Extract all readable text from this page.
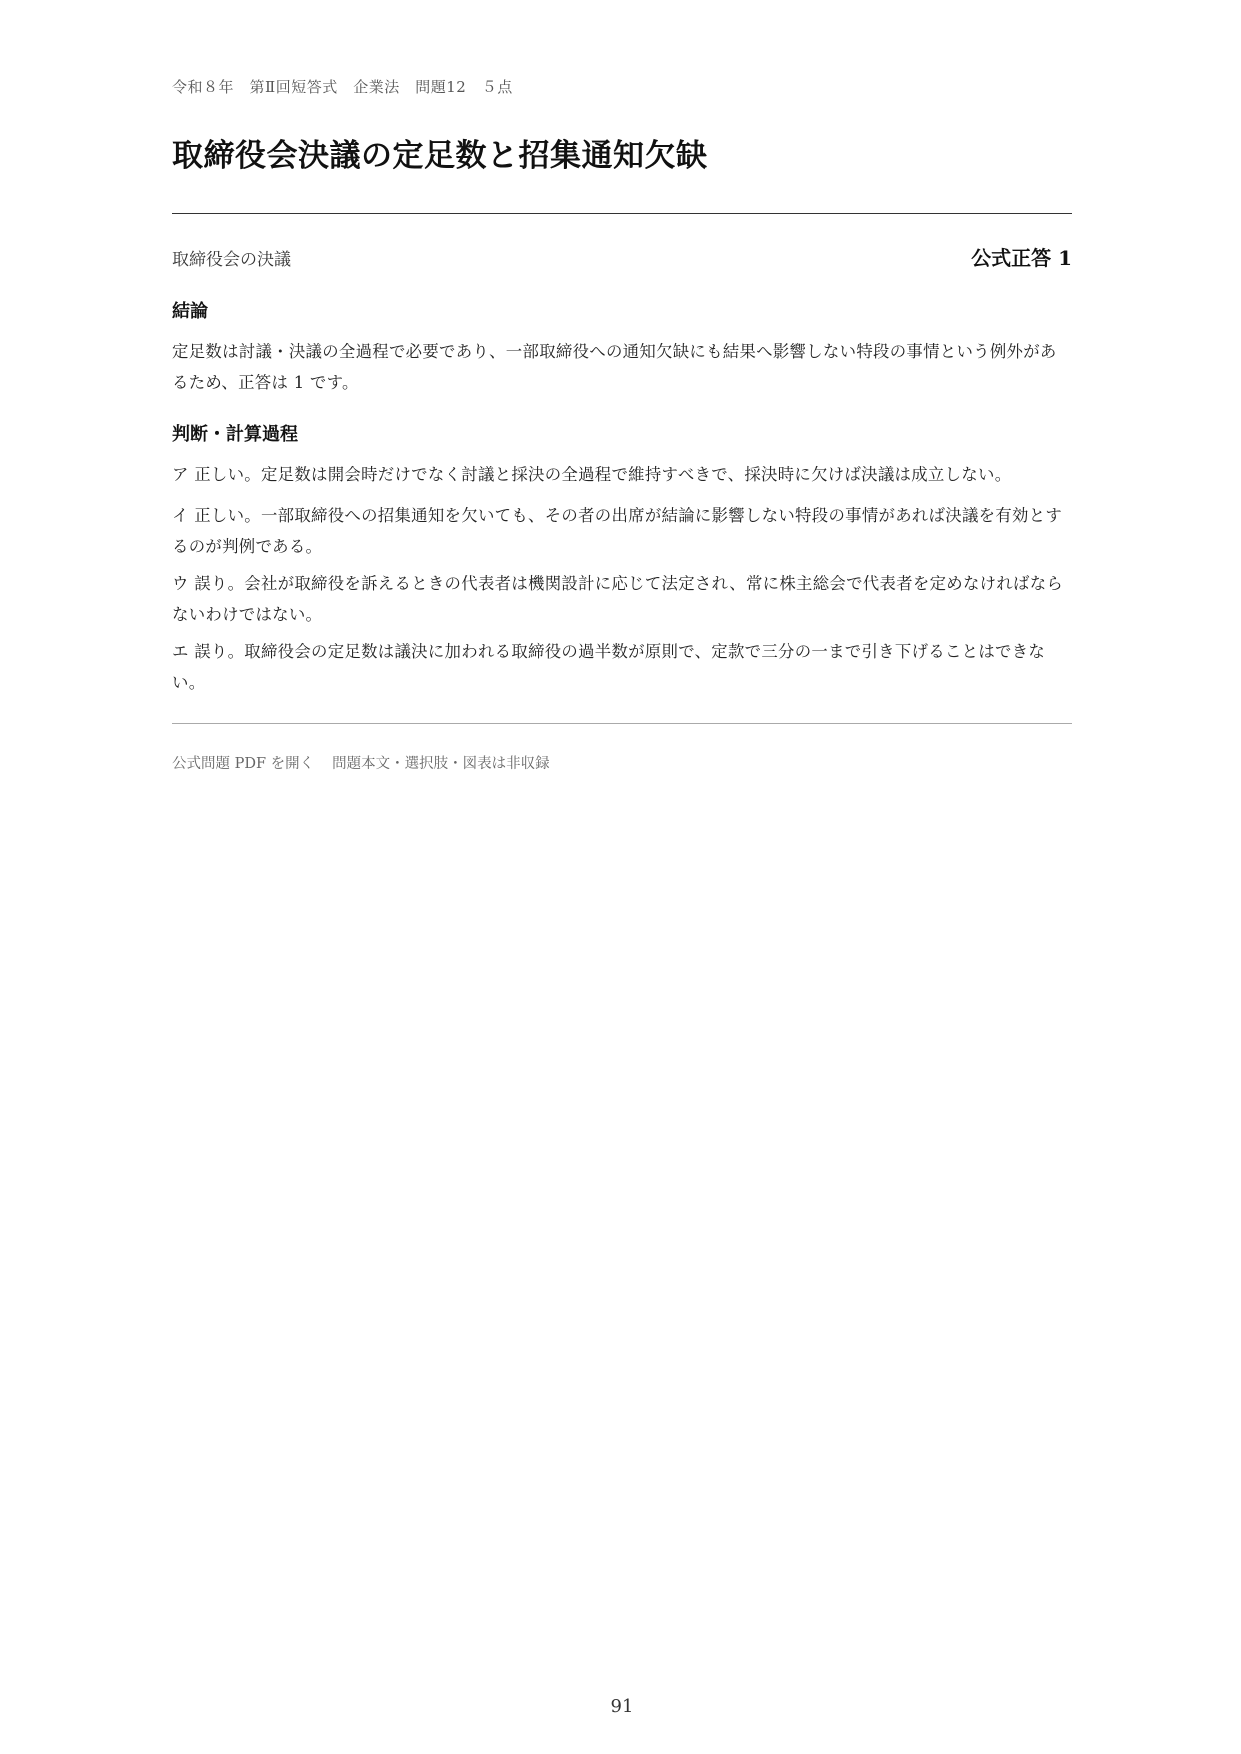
令和８年　第Ⅱ回短答式　企業法　問題12　５点
取締役会決議の定足数と招集通知欠缺
取締役会の決議	公式正答 1
結論

定足数は討議・決議の全過程で必要であり、一部取締役への通知欠缺にも結果へ影響しない特段の事情という例外があるため、正答は 1 です。

判断・計算過程

ア 正しい。定足数は開会時だけでなく討議と採決の全過程で維持すべきで、採決時に欠けば決議は成立しない。

イ 正しい。一部取締役への招集通知を欠いても、その者の出席が結論に影響しない特段の事情があれば決議を有効とするのが判例である。

ウ 誤り。会社が取締役を訴えるときの代表者は機関設計に応じて法定され、常に株主総会で代表者を定めなければならないわけではない。

エ 誤り。取締役会の定足数は議決に加われる取締役の過半数が原則で、定款で三分の一まで引き下げることはできない。

公式問題 PDF を開く 問題本文・選択肢・図表は非収録
91
